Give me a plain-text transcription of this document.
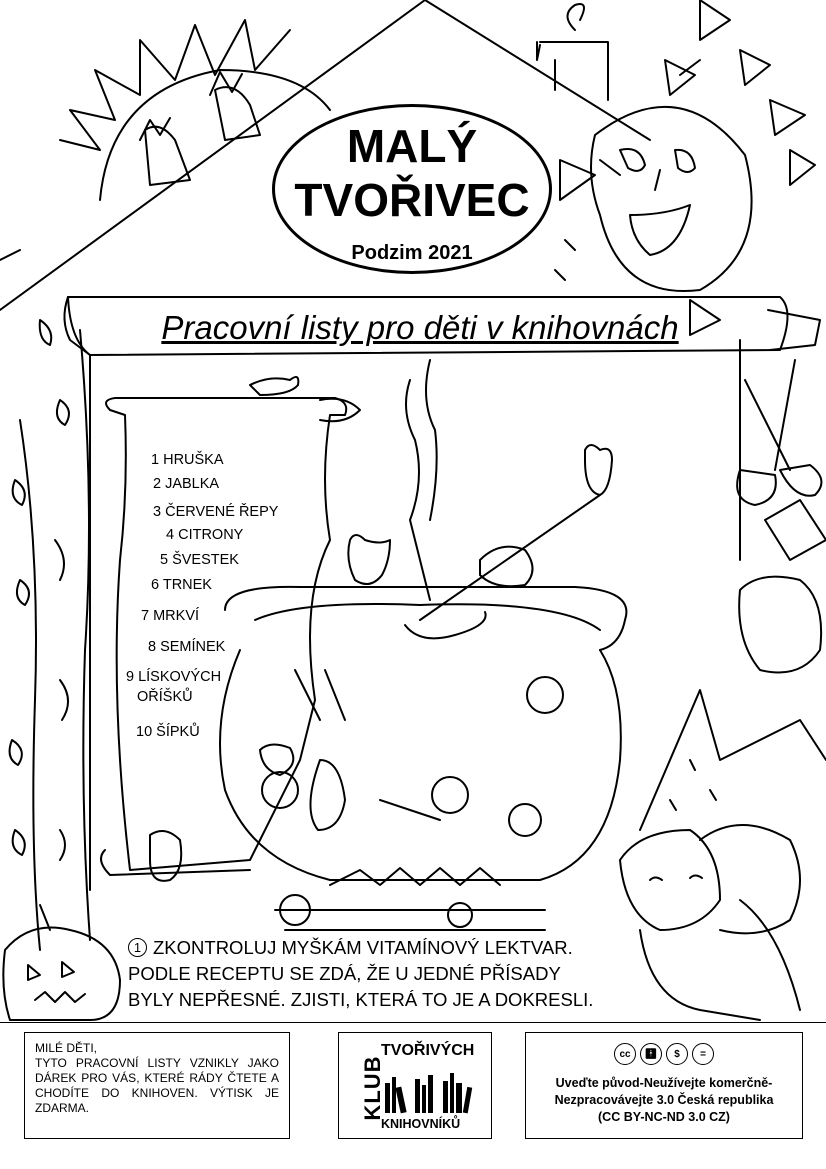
MALÝ
TVOŘIVEC
Podzim 2021
Pracovní listy pro děti v knihovnách
1 HRUŠKA
2 JABLKA
3 ČERVENÉ ŘEPY
4 CITRONY
5 ŠVESTEK
6 TRNEK
7 MRKVÍ
8 SEMÍNEK
9 LÍSKOVÝCH
OŘÍŠKŮ
10 ŠÍPKŮ
1 ZKONTROLUJ MYŠKÁM VITAMÍNOVÝ LEKTVAR.
PODLE RECEPTU SE ZDÁ, ŽE U JEDNÉ PŘÍSADY
BYLY NEPŘESNÉ. ZJISTI, KTERÁ TO JE A DOKRESLI.
MILÉ DĚTI,
TYTO PRACOVNÍ LISTY VZNIKLY JAKO DÁREK PRO VÁS, KTERÉ RÁDY ČTETE A CHODÍTE DO KNIHOVEN. VÝTISK JE ZDARMA.	KLUB
TVOŘIVÝCH
KNIHOVNÍKŮ
cc 🚹︎ $ =
Uveďte původ-Neužívejte komerčně-
Nezpracovávejte 3.0 Česká republika
(CC BY-NC-ND 3.0 CZ)
